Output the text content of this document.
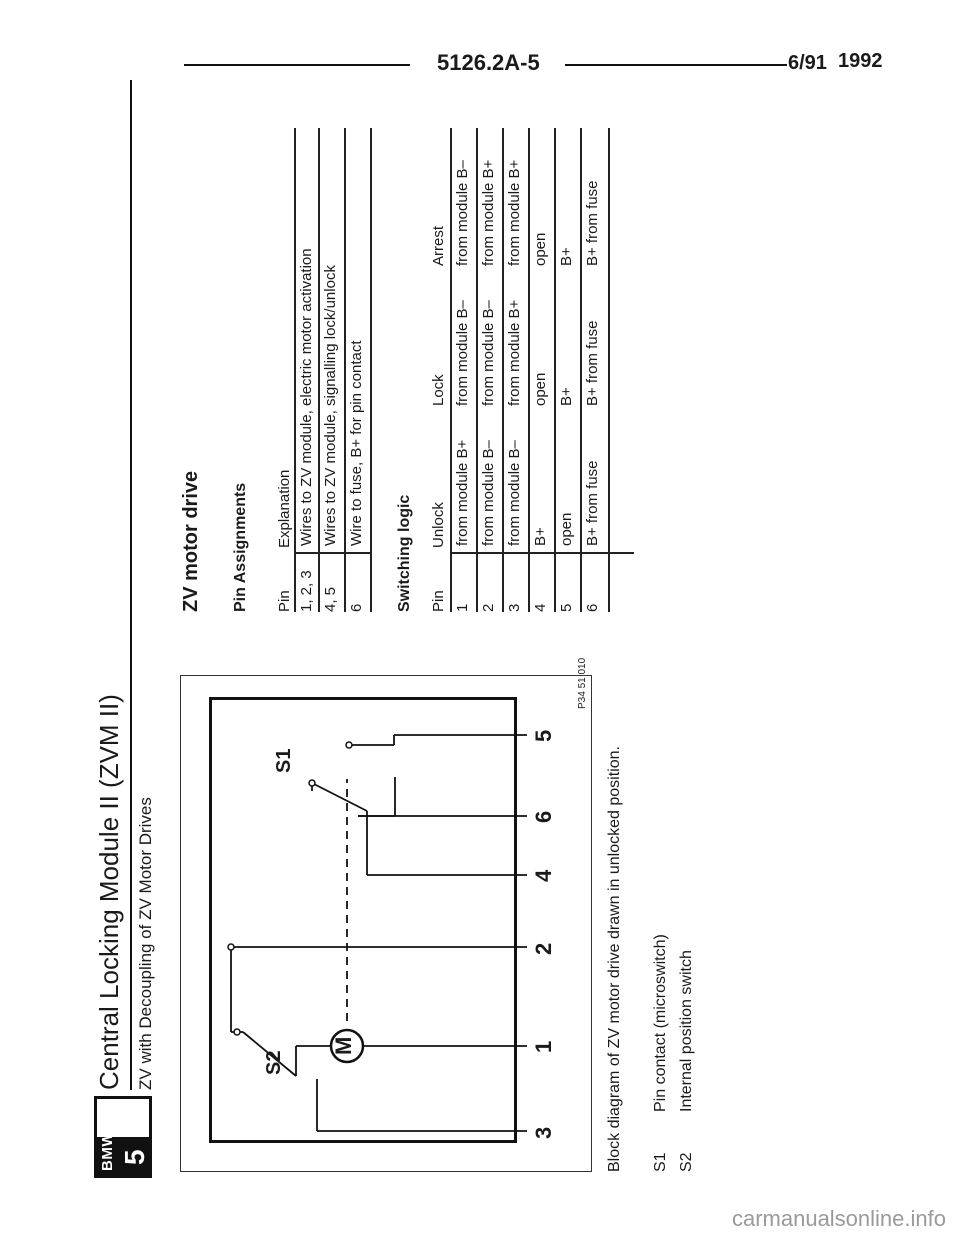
6/91
5126.2A-5	1992
BMW 5
Central Locking Module II (ZVM II) ZV with Decoupling of ZV Motor Drives	M
S2
S1
3
1
2
4
6
5
P34 51 010
Block diagram of ZV motor drive drawn in unlocked position. S1
Pin contact (microswitch)
S2
Internal position switch
ZV motor drive Pin Assignments Pin
Explanation
1, 2, 3
Wires to ZV module, electric motor activation
4, 5
Wires to ZV module, signalling lock/unlock
6
Wire to fuse, B+ for pin contact
Switching logic Pin
Unlock
Lock
Arrest
1
from module B+
from module B–
from module B–
2
from module B–
from module B–
from module B+
3
from module B–
from module B+
from module B+
4
B+
open
open
5
open
B+
B+
6
B+ from fuse
B+ from fuse
B+ from fuse
carmanualsonline.info
